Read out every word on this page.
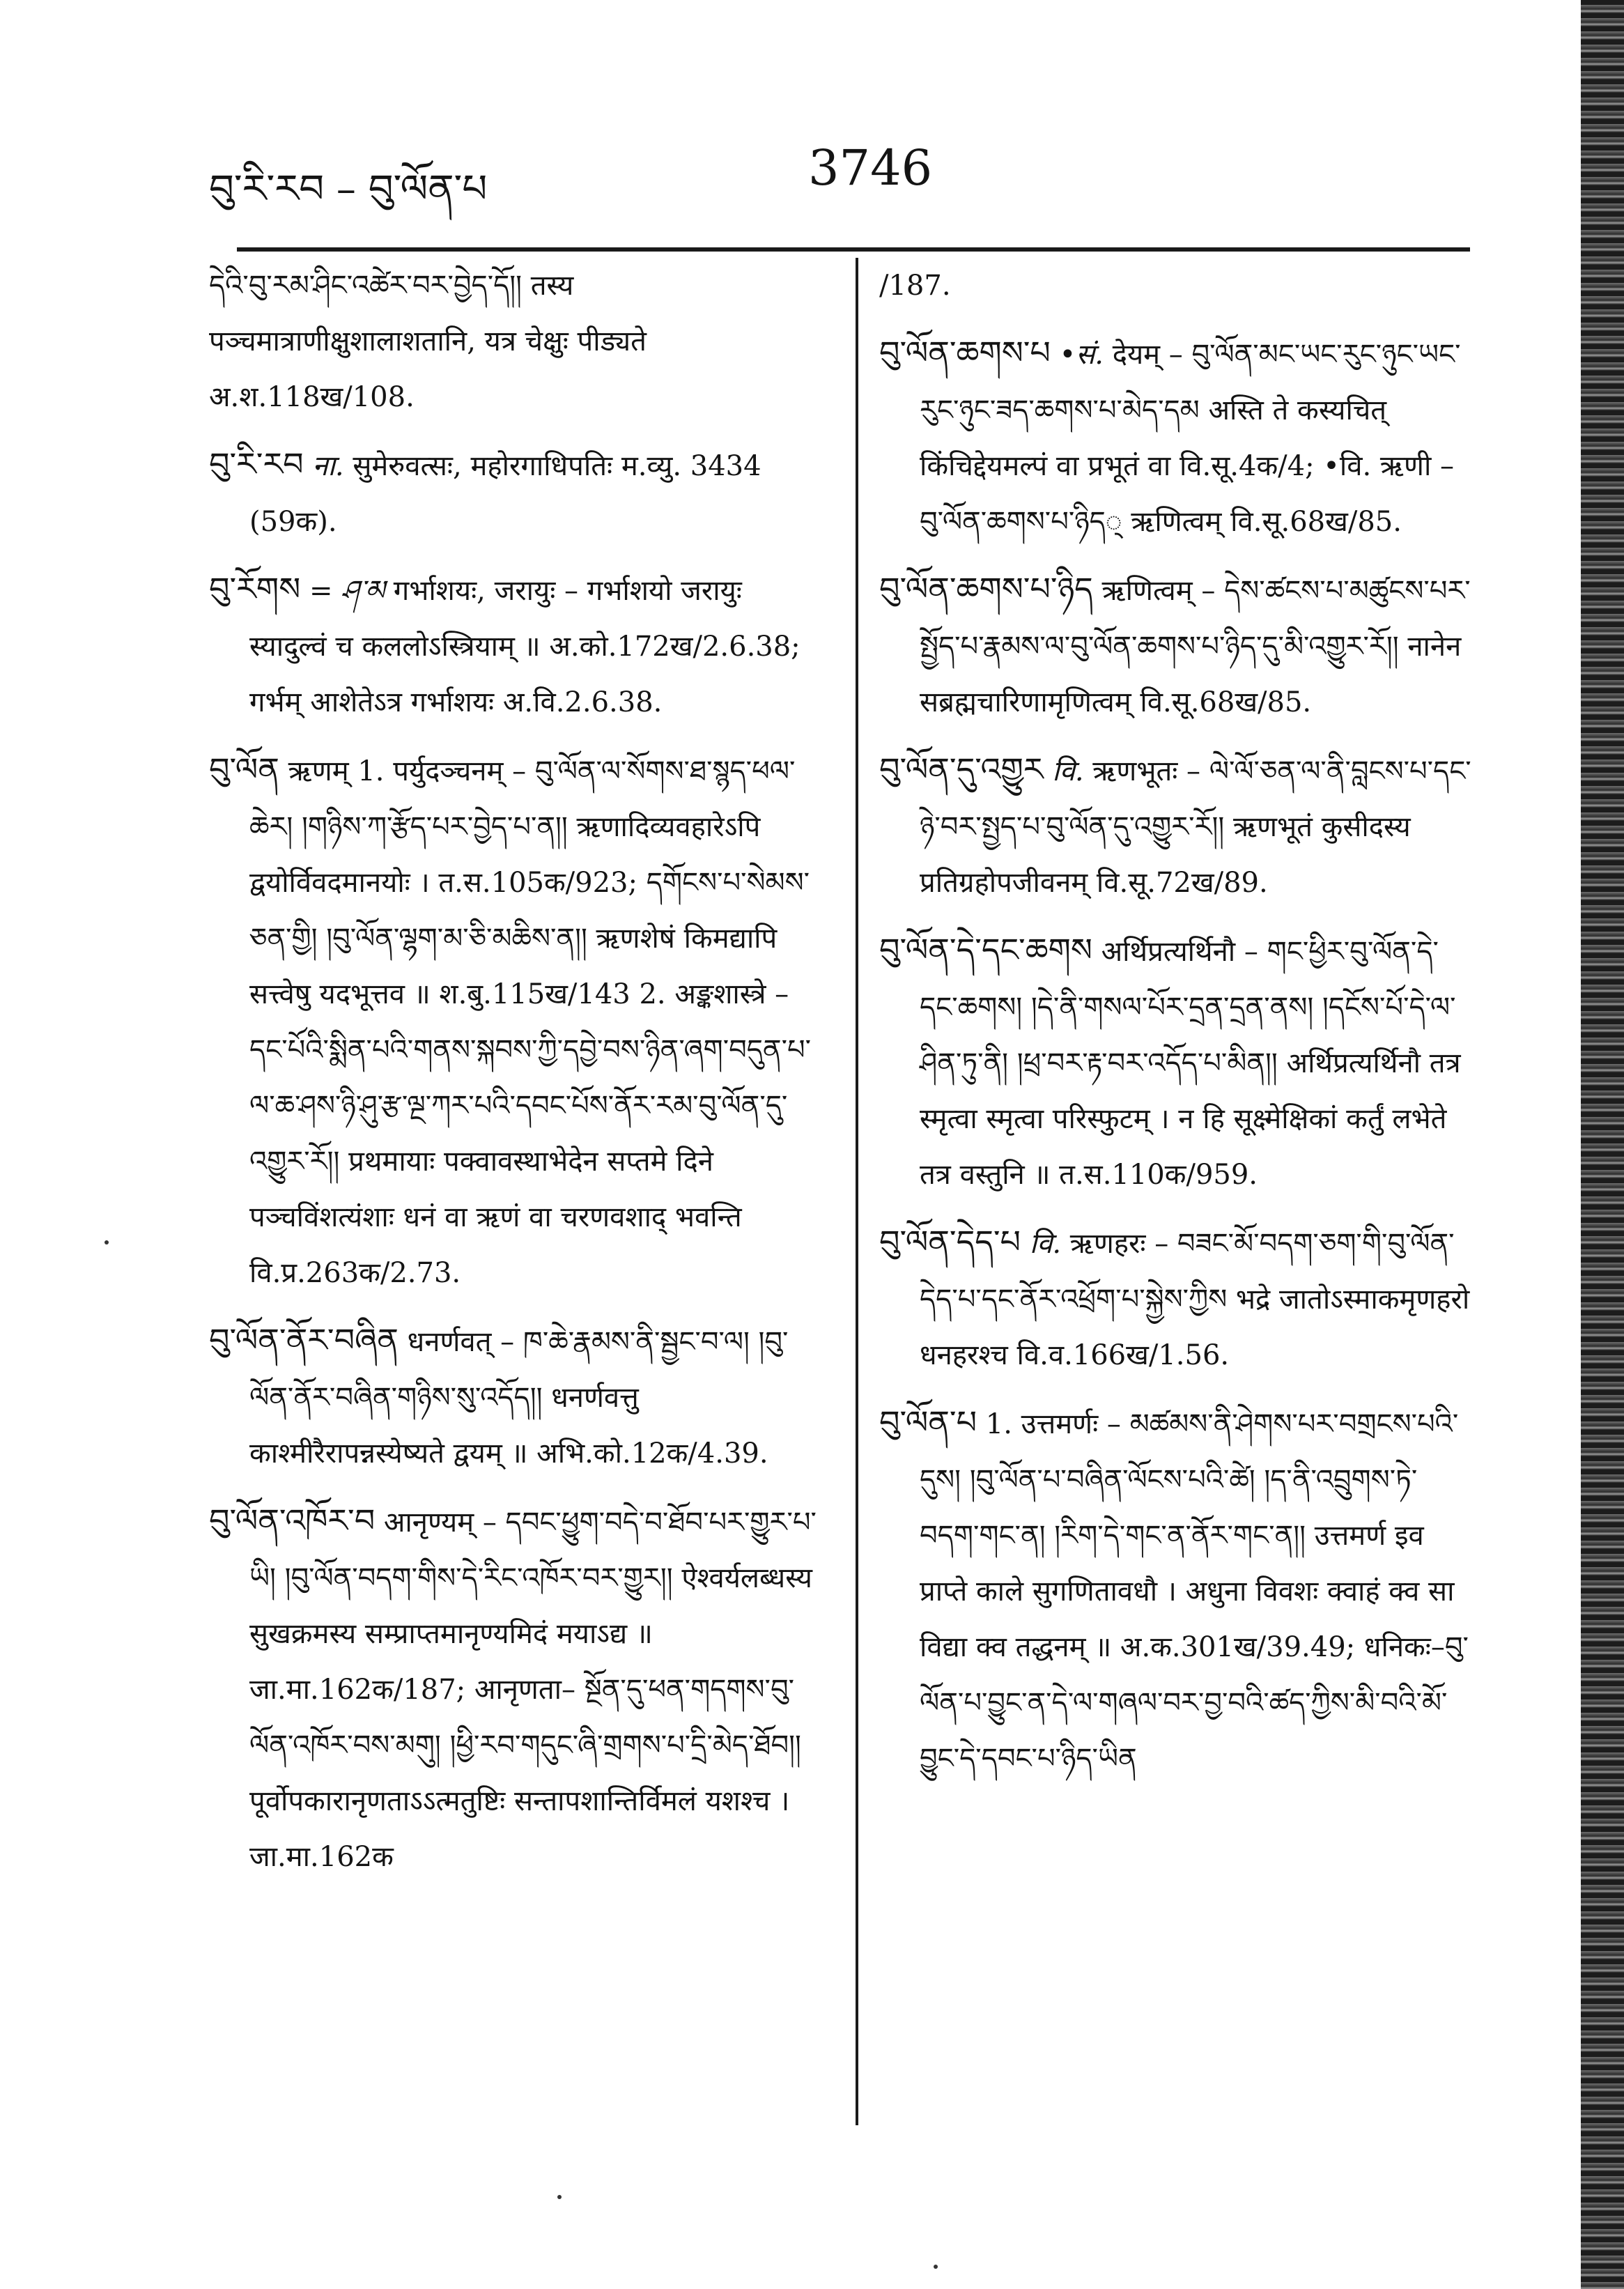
བུ་རི་རབ – བུ་ལོན་པ	3746

དེའི་བུ་རམ་ཤིང་འཚེར་བར་བྱེད་དོ།། तस्य पञ्चमात्राणीक्षुशालाशतानि, यत्र चेक्षुः पीड्यते अ.श.118ख/108.

བུ་རི་རབ ना. सुमेरुवत्सः, महोरगाधिपतिः म.व्यु. 3434 (59क).

བུ་རོགས = ཤ་མ गर्भाशयः, जरायुः – गर्भाशयो जरायुः स्यादुल्वं च कललोऽस्त्रियाम् ॥ अ.को.172ख/2.6.38; गर्भम् आशेतेऽत्र गर्भाशयः अ.वि.2.6.38.

བུ་ལོན ऋणम् 1. पर्युदञ्चनम् – བུ་ལོན་ལ་སོགས་ཐ་སྙད་ཕལ་ཆེར། །གཉིས་ཀ་རྩོད་པར་བྱེད་པ་ན།། ऋणादिव्यवहारेऽपि द्वयोर्विवदमानयोः । त.स.105क/923; དགོངས་པ་སེམས་ཅན་གྱི། །བུ་ལོན་ལྷག་མ་ཅི་མཆིས་ན།། ऋणशेषं किमद्यापि सत्त्वेषु यदभूत्तव ॥ श.बु.115ख/143 2. अङ्कशास्त्रे – དང་པོའི་སྨིན་པའི་གནས་སྐབས་ཀྱི་དབྱེ་བས་ཉིན་ཞག་བདུན་པ་ལ་ཆ་ཤས་ཉི་ཤུ་རྩ་ལྔ་ཀར་པའི་དབང་པོས་ནོར་རམ་བུ་ལོན་དུ་འགྱུར་རོ།། प्रथमायाः पक्वावस्थाभेदेन सप्तमे दिने पञ्चविंशत्यंशाः धनं वा ऋणं वा चरणवशाद् भवन्ति वि.प्र.263क/2.73.

བུ་ལོན་ནོར་བཞིན धनर्णवत् – ཁ་ཆེ་རྣམས་ནི་སྦྱང་བ་ལ། །བུ་ལོན་ནོར་བཞིན་གཉིས་སུ་འདོད།། धनर्णवत्तु काश्मीरैरापन्नस्येष्यते द्वयम् ॥ अभि.को.12क/4.39.

བུ་ལོན་འཁོར་བ आनृण्यम् – དབང་ཕྱུག་བདེ་བ་ཐོབ་པར་གྱུར་པ་ཡི། །བུ་ལོན་བདག་གིས་དེ་རིང་འཁོར་བར་གྱུར།། ऐश्वर्यलब्धस्य सुखक्रमस्य सम्प्राप्तमानृण्यमिदं मयाऽद्य ॥ जा.मा.162क/187; आनृणता– སྔོན་དུ་ཕན་གདགས་བུ་ལོན་འཁོར་བས་མགུ། །ཕྱི་རབ་གདུང་ཞི་གྲགས་པ་དྲི་མེད་ཐོབ།། पूर्वोपकारानृणताऽऽत्मतुष्टिः सन्तापशान्तिर्विमलं यशश्च । जा.मा.162क

/187.

བུ་ལོན་ཆགས་པ •सं. देयम् – བུ་ལོན་མང་ཡང་རུང་ཉུང་ཡང་རུང་ཉུང་ཟད་ཆགས་པ་མེད་དམ अस्ति ते कस्यचित् किंचिद्देयमल्पं वा प्रभूतं वा वि.सू.4क/4; •वि. ऋणी – བུ་ལོན་ཆགས་པ་ཉིད् ऋणित्वम् वि.सू.68ख/85.

བུ་ལོན་ཆགས་པ་ཉིད ऋणित्वम् – དེས་ཚངས་པ་མཚུངས་པར་སྤྱོད་པ་རྣམས་ལ་བུ་ལོན་ཆགས་པ་ཉིད་དུ་མི་འགྱུར་རོ།། नानेन सब्रह्मचारिणामृणित्वम् वि.सू.68ख/85.

བུ་ལོན་དུ་འགྱུར वि. ऋणभूतः – ལེ་ལོ་ཅན་ལ་ནི་བླངས་པ་དང་ཉེ་བར་སྤྱད་པ་བུ་ལོན་དུ་འགྱུར་རོ།། ऋणभूतं कुसीदस्य प्रतिग्रहोपजीवनम् वि.सू.72ख/89.

བུ་ལོན་དེ་དང་ཆགས अर्थिप्रत्यर्थिनौ – གང་ཕྱིར་བུ་ལོན་དེ་དང་ཆགས། །དེ་ནི་གསལ་པོར་དྲན་དྲན་ནས། །དངོས་པོ་དེ་ལ་ཤིན་ཏུ་ནི། །ཕྲ་བར་རྟ་བར་འདོད་པ་མིན།། अर्थिप्रत्यर्थिनौ तत्र स्मृत्वा स्मृत्वा परिस्फुटम् । न हि सूक्ष्मेक्षिकां कर्तुं लभेते तत्र वस्तुनि ॥ त.स.110क/959.

བུ་ལོན་དེད་པ वि. ऋणहरः – བཟང་མོ་བདག་ཅག་གི་བུ་ལོན་དེད་པ་དང་ནོར་འཕྲོག་པ་སྐྱེས་ཀྱིས भद्रे जातोऽस्माकमृणहरो धनहरश्च वि.व.166ख/1.56.

བུ་ལོན་པ 1. उत्तमर्णः – མཚམས་ནི་ཤེགས་པར་བགྲངས་པའི་དུས། །བུ་ལོན་པ་བཞིན་ལོངས་པའི་ཚེ། །ད་ནི་འབྲུགས་ཏེ་བདག་གང་ན། །རིག་དེ་གང་ན་ནོར་གང་ན།། उत्तमर्ण इव प्राप्ते काले सुगणितावधौ । अधुना विवशः क्वाहं क्व सा विद्या क्व तद्धनम् ॥ अ.क.301ख/39.49; धनिकः–བུ་ལོན་པ་བྱུང་ན་དེ་ལ་གཞལ་བར་བྱ་བའི་ཚད་ཀྱིས་མི་བའི་མོ་བྱུང་དེ་དབང་པ་ཉིད་ཡིན
